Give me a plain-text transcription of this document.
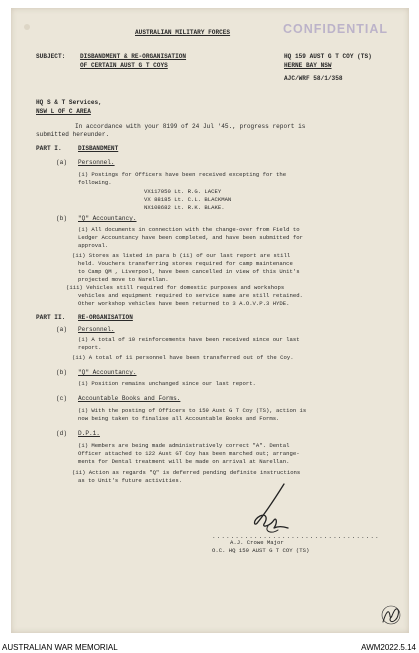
AUSTRALIAN MILITARY FORCES	CONFIDENTIAL
SUBJECT: DISBANDMENT & RE-ORGANISATION
OF CERTAIN AUST G T COYS
HQ 159 AUST G T COY (TS)
HERNE BAY NSW
AJC/WRF 58/1/358
HQ S & T Services,
NSW L OF C AREA
In accordance with your 8199 of 24 Jul '45., progress report is
submitted hereunder.
PART I.	DISBANDMENT
(a) Personnel.
(i) Postings for Officers have been received excepting for the
following.
VX117050 Lt. R.G. LACEY
VX 88185 Lt. C.L. BLACKMAN
NX108682 Lt. R.K. BLAKE.
(b) "Q" Accountancy.
(i) All documents in connection with the change-over from Field to
Ledger Accountancy have been completed, and have been submitted for
approval.
(ii) Stores as listed in para b (ii) of our last report are still
held. Vouchers transferring stores required for camp maintenance
to Camp QM , Liverpool, have been cancelled in view of this Unit's
projected move to Narellan.
(iii) Vehicles still required for domestic purposes and workshops
vehicles and equipment required to service same are still retained.
Other workshop vehicles have been returned to 3 A.O.V.P.3 HYDE.
PART II. RE-ORGANISATION
(a) Personnel.
(i) A total of 10 reinforcements have been received since our last
report.
(ii) A total of 11 personnel have been transferred out of the Coy.
(b) "Q" Accountancy.
(i) Position remains unchanged since our last report.
(c) Accountable Books and Forms.
(i) With the posting of Officers to 159 Aust G T Coy (TS), action is
now being taken to finalise all Accountable Books and Forms.
(d) D.P.1.
(i) Members are being made administratively correct "A". Dental
Officer attached to 122 Aust GT Coy has been marched out; arrange-
ments for Dental treatment will be made on arrival at Narellan.
(ii) Action as regards "Q" is deferred pending definite instructions
as to Unit's future activities.
....................................
A.J. Crowe Major
O.C. HQ 159 AUST G T COY (TS)
AUSTRALIAN WAR MEMORIAL	AWM2022.5.14
